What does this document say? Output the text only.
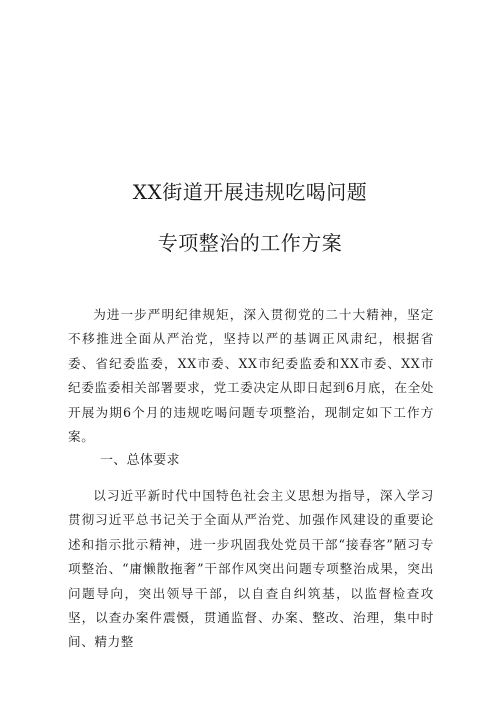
XX街道开展违规吃喝问题
专项整治的工作方案

为进一步严明纪律规矩，深入贯彻党的二十大精神，坚定不移推进全面从严治党，坚持以严的基调正风肃纪，根据省委、省纪委监委，XX市委、XX市纪委监委和XX市委、XX市纪委监委相关部署要求，党工委决定从即日起到6月底，在全处开展为期6个月的违规吃喝问题专项整治，现制定如下工作方案。

一、总体要求

以习近平新时代中国特色社会主义思想为指导，深入学习贯彻习近平总书记关于全面从严治党、加强作风建设的重要论述和指示批示精神，进一步巩固我处党员干部“接春客”陋习专项整治、“庸懒散拖奢”干部作风突出问题专项整治成果，突出问题导向，突出领导干部，以自查自纠筑基，以监督检查攻坚，以查办案件震慑，贯通监督、办案、整改、治理，集中时间、精力整
